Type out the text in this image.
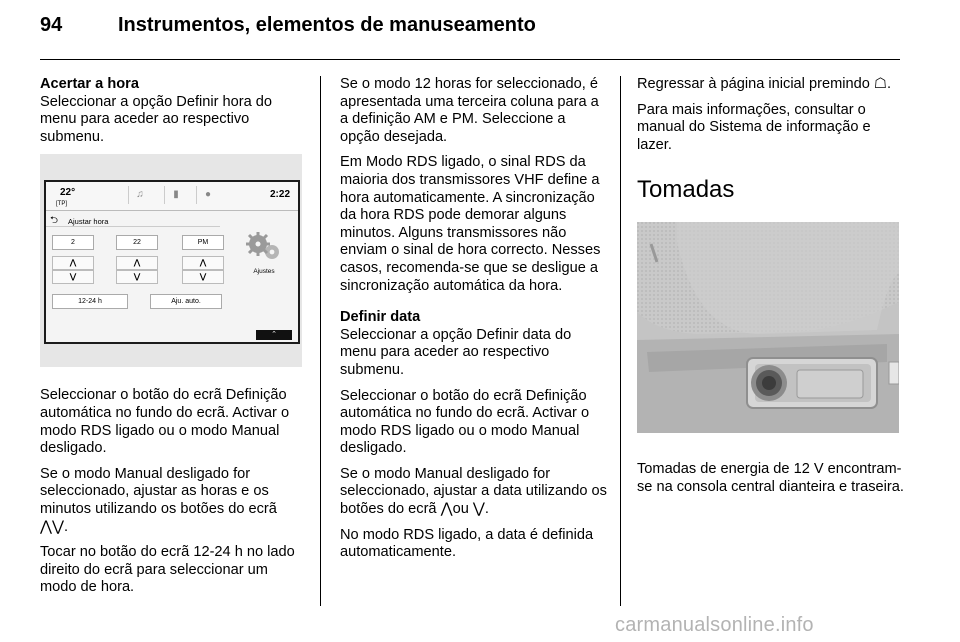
94	Instrumentos, elementos de manuseamento
Acertar a hora

Seleccionar a opção Definir hora do menu para aceder ao respectivo submenu.

22°
[TP]
♫	▮	●	2:22
⮌ Ajustar hora
2	22	PM
⋀	⋀	⋀
⋁	⋁	⋁
12-24 h	Aju. auto.
Ajustes
⌃

Seleccionar o botão do ecrã Definição automática no fundo do ecrã. Activar o modo RDS ligado ou o modo Manual desligado.

Se o modo Manual desligado for seleccionado, ajustar as horas e os minutos utilizando os botões do ecrã ⋀⋁.

Tocar no botão do ecrã 12-24 h no lado direito do ecrã para seleccionar um modo de hora.

Se o modo 12 horas for seleccionado, é apresentada uma terceira coluna para a a definição AM e PM. Seleccione a opção desejada.

Em Modo RDS ligado, o sinal RDS da maioria dos transmissores VHF define a hora automaticamente. A sincronização da hora RDS pode demorar alguns minutos. Alguns transmissores não enviam o sinal de hora correcto. Nesses casos, recomenda-se que se desligue a sincronização automática da hora.

Definir data

Seleccionar a opção Definir data do menu para aceder ao respectivo submenu.

Seleccionar o botão do ecrã Definição automática no fundo do ecrã. Activar o modo RDS ligado ou o modo Manual desligado.

Se o modo Manual desligado for seleccionado, ajustar a data utilizando os botões do ecrã ⋀ou ⋁.

No modo RDS ligado, a data é definida automaticamente.

Regressar à página inicial premindo ☖.

Para mais informações, consultar o manual do Sistema de informação e lazer.

Tomadas

Tomadas de energia de 12 V encontram-se na consola central dianteira e traseira.

carmanualsonline.info
